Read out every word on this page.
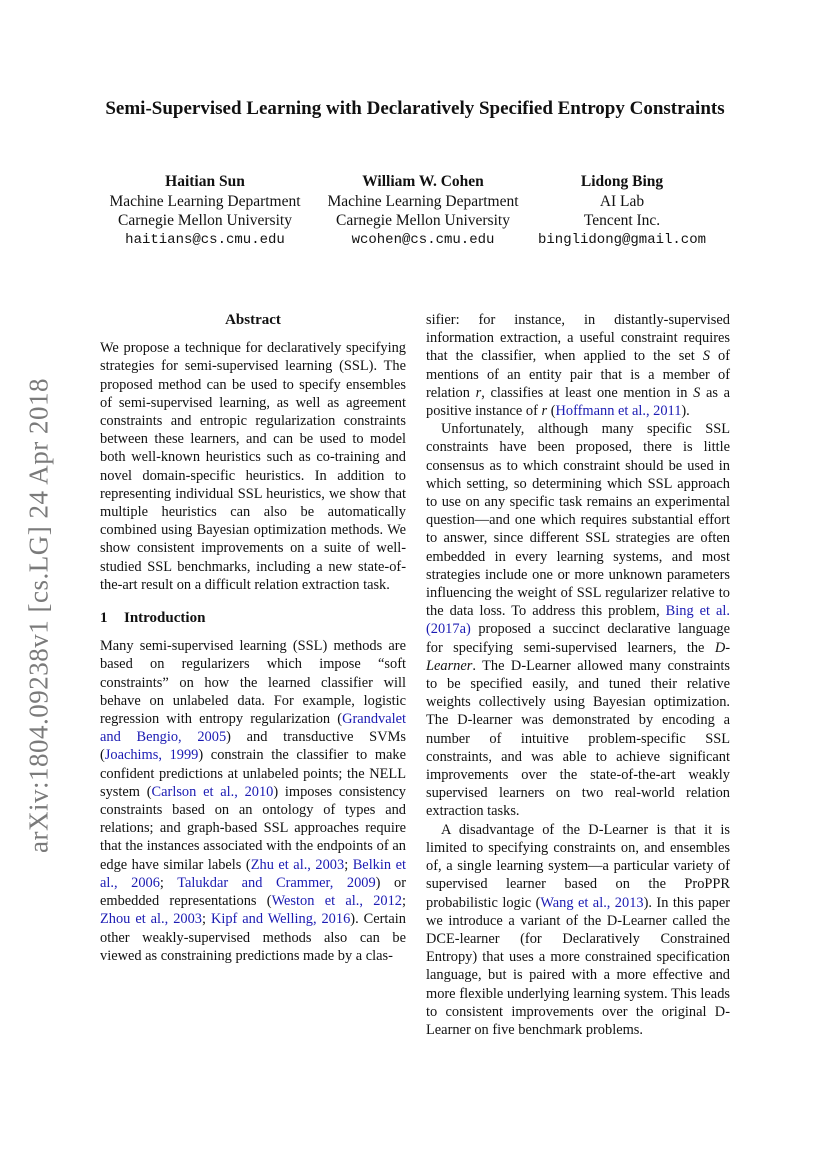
arXiv:1804.09238v1 [cs.LG] 24 Apr 2018
Semi-Supervised Learning with Declaratively Specified Entropy Constraints
Haitian Sun
Machine Learning Department
Carnegie Mellon University
haitians@cs.cmu.edu
William W. Cohen
Machine Learning Department
Carnegie Mellon University
wcohen@cs.cmu.edu
Lidong Bing
AI Lab
Tencent Inc.
binglidong@gmail.com
Abstract

We propose a technique for declaratively specifying strategies for semi-supervised learning (SSL). The proposed method can be used to specify ensembles of semi-supervised learning, as well as agreement constraints and entropic regularization constraints between these learners, and can be used to model both well-known heuristics such as co-training and novel domain-specific heuristics. In addition to representing individual SSL heuristics, we show that multiple heuristics can also be automatically combined using Bayesian optimization methods. We show consistent improvements on a suite of well-studied SSL benchmarks, including a new state-of-the-art result on a difficult relation extraction task.

1 Introduction

Many semi-supervised learning (SSL) methods are based on regularizers which impose “soft constraints” on how the learned classifier will behave on unlabeled data. For example, logistic regression with entropy regularization (Grandvalet and Bengio, 2005) and transductive SVMs (Joachims, 1999) constrain the classifier to make confident predictions at unlabeled points; the NELL system (Carlson et al., 2010) imposes consistency constraints based on an ontology of types and relations; and graph-based SSL approaches require that the instances associated with the endpoints of an edge have similar labels (Zhu et al., 2003; Belkin et al., 2006; Talukdar and Crammer, 2009) or embedded representations (Weston et al., 2012; Zhou et al., 2003; Kipf and Welling, 2016). Certain other weakly-supervised methods also can be viewed as constraining predictions made by a clas-

sifier: for instance, in distantly-supervised information extraction, a useful constraint requires that the classifier, when applied to the set S of mentions of an entity pair that is a member of relation r, classifies at least one mention in S as a positive instance of r (Hoffmann et al., 2011).

Unfortunately, although many specific SSL constraints have been proposed, there is little consensus as to which constraint should be used in which setting, so determining which SSL approach to use on any specific task remains an experimental question—and one which requires substantial effort to answer, since different SSL strategies are often embedded in every learning systems, and most strategies include one or more unknown parameters influencing the weight of SSL regularizer relative to the data loss. To address this problem, Bing et al. (2017a) proposed a succinct declarative language for specifying semi-supervised learners, the D-Learner. The D-Learner allowed many constraints to be specified easily, and tuned their relative weights collectively using Bayesian optimization. The D-learner was demonstrated by encoding a number of intuitive problem-specific SSL constraints, and was able to achieve significant improvements over the state-of-the-art weakly supervised learners on two real-world relation extraction tasks.

A disadvantage of the D-Learner is that it is limited to specifying constraints on, and ensembles of, a single learning system—a particular variety of supervised learner based on the ProPPR probabilistic logic (Wang et al., 2013). In this paper we introduce a variant of the D-Learner called the DCE-learner (for Declaratively Constrained Entropy) that uses a more constrained specification language, but is paired with a more effective and more flexible underlying learning system. This leads to consistent improvements over the original D-Learner on five benchmark problems.
